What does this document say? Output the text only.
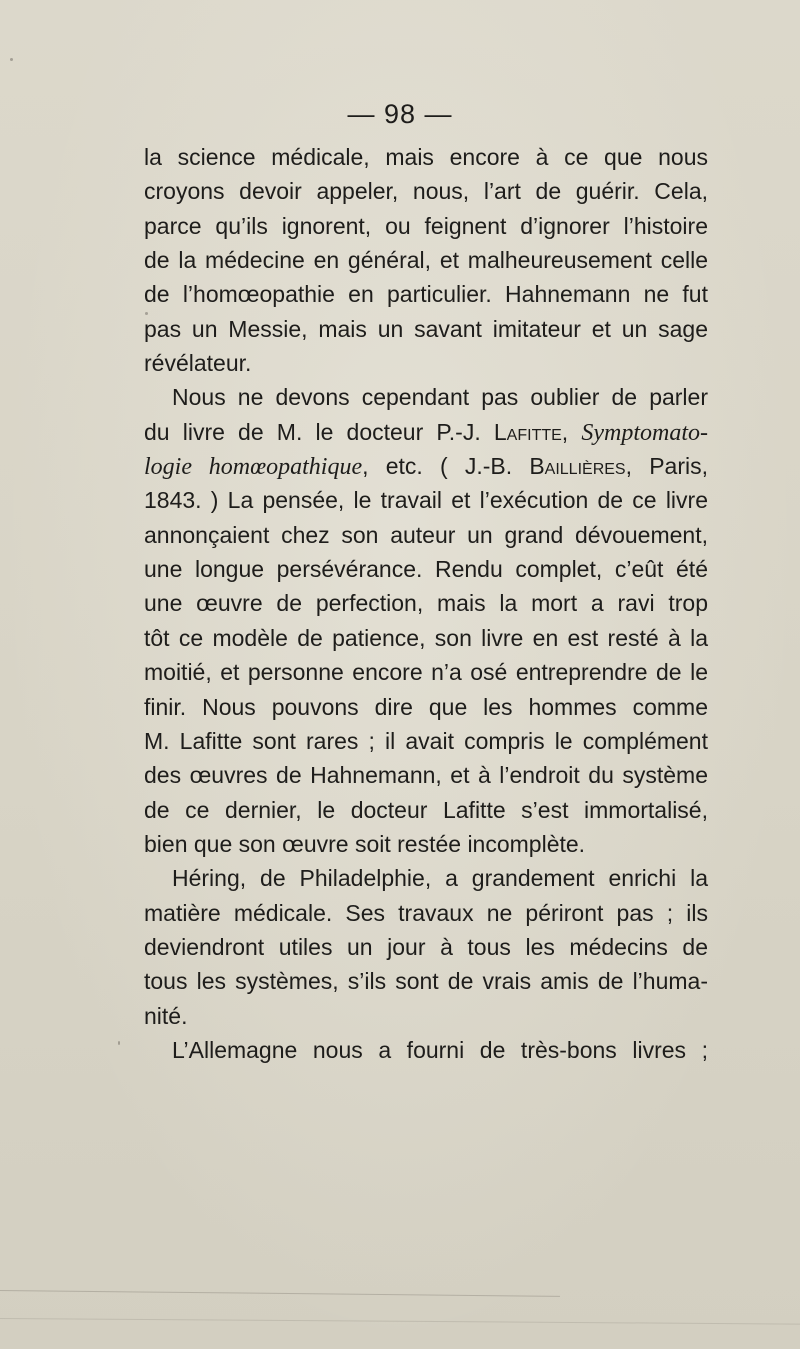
— 98 —
la science médicale, mais encore à ce que nous
croyons devoir appeler, nous, l’art de guérir. Cela,
parce qu’ils ignorent, ou feignent d’ignorer l’histoire
de la médecine en général, et malheureusement celle
de l’homœopathie en particulier. Hahnemann ne fut
pas un Messie, mais un savant imitateur et un sage
révélateur.
Nous ne devons cependant pas oublier de parler
du livre de M. le docteur P.-J. Lafitte, Symptomato-
logie homœopathique, etc. ( J.-B. Baillières, Paris,
1843. ) La pensée, le travail et l’exécution de ce livre
annonçaient chez son auteur un grand dévouement,
une longue persévérance. Rendu complet, c’eût été
une œuvre de perfection, mais la mort a ravi trop
tôt ce modèle de patience, son livre en est resté à la
moitié, et personne encore n’a osé entreprendre de le
finir. Nous pouvons dire que les hommes comme
M. Lafitte sont rares ; il avait compris le complément
des œuvres de Hahnemann, et à l’endroit du système
de ce dernier, le docteur Lafitte s’est immortalisé,
bien que son œuvre soit restée incomplète.
Héring, de Philadelphie, a grandement enrichi la
matière médicale. Ses travaux ne périront pas ; ils
deviendront utiles un jour à tous les médecins de
tous les systèmes, s’ils sont de vrais amis de l’huma-
nité.
L’Allemagne nous a fourni de très-bons livres ;
